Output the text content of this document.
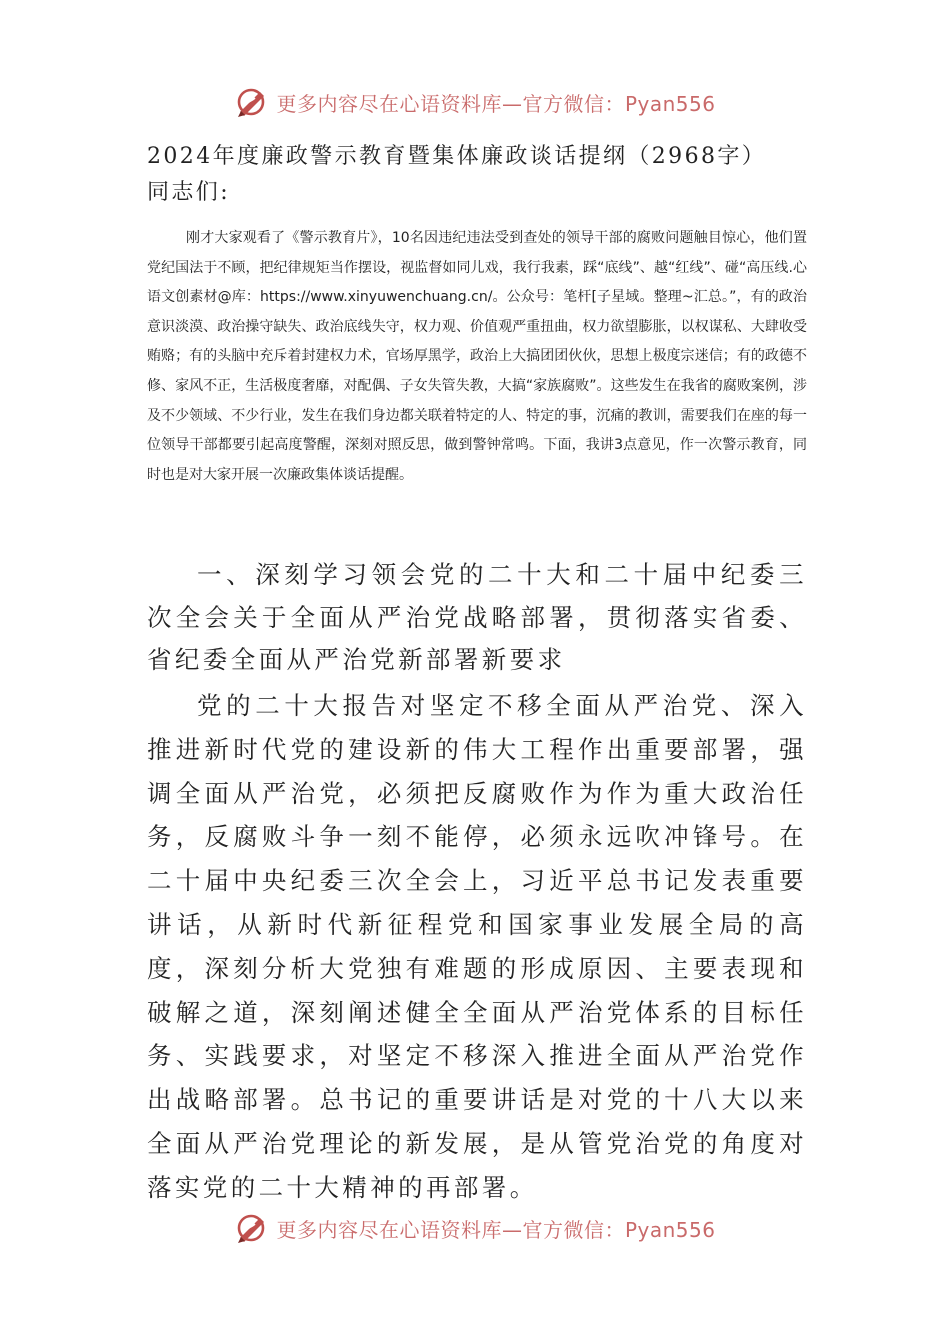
更多内容尽在心语资料库—官方微信：Pyan556
2024年度廉政警示教育暨集体廉政谈话提纲（2968字）
同志们:

刚才大家观看了《警示教育片》，10名因违纪违法受到查处的领导干部的腐败问题触目惊心，他们置党纪国法于不顾，把纪律规矩当作摆设，视监督如同儿戏，我行我素，踩“底线”、越“红线”、碰“高压线.心语文创素材@库：https://www.xinyuwenchuang.cn/。公众号：笔杆[子星域。整理~汇总。”，有的政治意识淡漠、政治操守缺失、政治底线失守，权力观、价值观严重扭曲，权力欲望膨胀，以权谋私、大肆收受贿赂；有的头脑中充斥着封建权力术，官场厚黑学，政治上大搞团团伙伙，思想上极度宗迷信；有的政德不修、家风不正，生活极度奢靡，对配偶、子女失管失教，大搞“家族腐败”。这些发生在我省的腐败案例，涉及不少领域、不少行业，发生在我们身边都关联着特定的人、特定的事，沉痛的教训，需要我们在座的每一位领导干部都要引起高度警醒，深刻对照反思，做到警钟常鸣。下面，我讲3点意见，作一次警示教育，同时也是对大家开展一次廉政集体谈话提醒。

一、深刻学习领会党的二十大和二十届中纪委三次全会关于全面从严治党战略部署，贯彻落实省委、省纪委全面从严治党新部署新要求

党的二十大报告对坚定不移全面从严治党、深入推进新时代党的建设新的伟大工程作出重要部署，强调全面从严治党，必须把反腐败作为作为重大政治任务，反腐败斗争一刻不能停，必须永远吹冲锋号。在二十届中央纪委三次全会上，习近平总书记发表重要讲话，从新时代新征程党和国家事业发展全局的高度，深刻分析大党独有难题的形成原因、主要表现和破解之道，深刻阐述健全全面从严治党体系的目标任务、实践要求，对坚定不移深入推进全面从严治党作出战略部署。总书记的重要讲话是对党的十八大以来全面从严治党理论的新发展，是从管党治党的角度对落实党的二十大精神的再部署。

更多内容尽在心语资料库—官方微信：Pyan556
